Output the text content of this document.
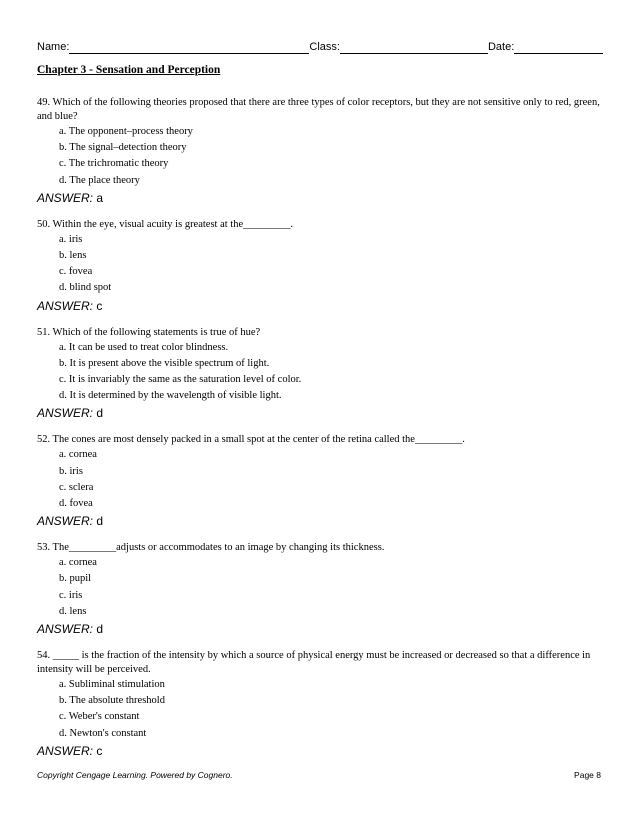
Name:	Class:	Date:
Chapter 3 - Sensation and Perception

49. Which of the following theories proposed that there are three types of color receptors, but they are not sensitive only to red, green, and blue?

a. The opponent–process theory
b. The signal–detection theory
c. The trichromatic theory
d. The place theory
ANSWER: a

50. Within the eye, visual acuity is greatest at the_________.

a. iris
b. lens
c. fovea
d. blind spot
ANSWER: c

51. Which of the following statements is true of hue?

a. It can be used to treat color blindness.
b. It is present above the visible spectrum of light.
c. It is invariably the same as the saturation level of color.
d. It is determined by the wavelength of visible light.
ANSWER: d

52. The cones are most densely packed in a small spot at the center of the retina called the_________.

a. cornea
b. iris
c. sclera
d. fovea
ANSWER: d

53. The_________adjusts or accommodates to an image by changing its thickness.

a. cornea
b. pupil
c. iris
d. lens
ANSWER: d

54. _____ is the fraction of the intensity by which a source of physical energy must be increased or decreased so that a difference in intensity will be perceived.

a. Subliminal stimulation
b. The absolute threshold
c. Weber's constant
d. Newton's constant
ANSWER: c
Copyright Cengage Learning. Powered by Cognero.	Page 8
